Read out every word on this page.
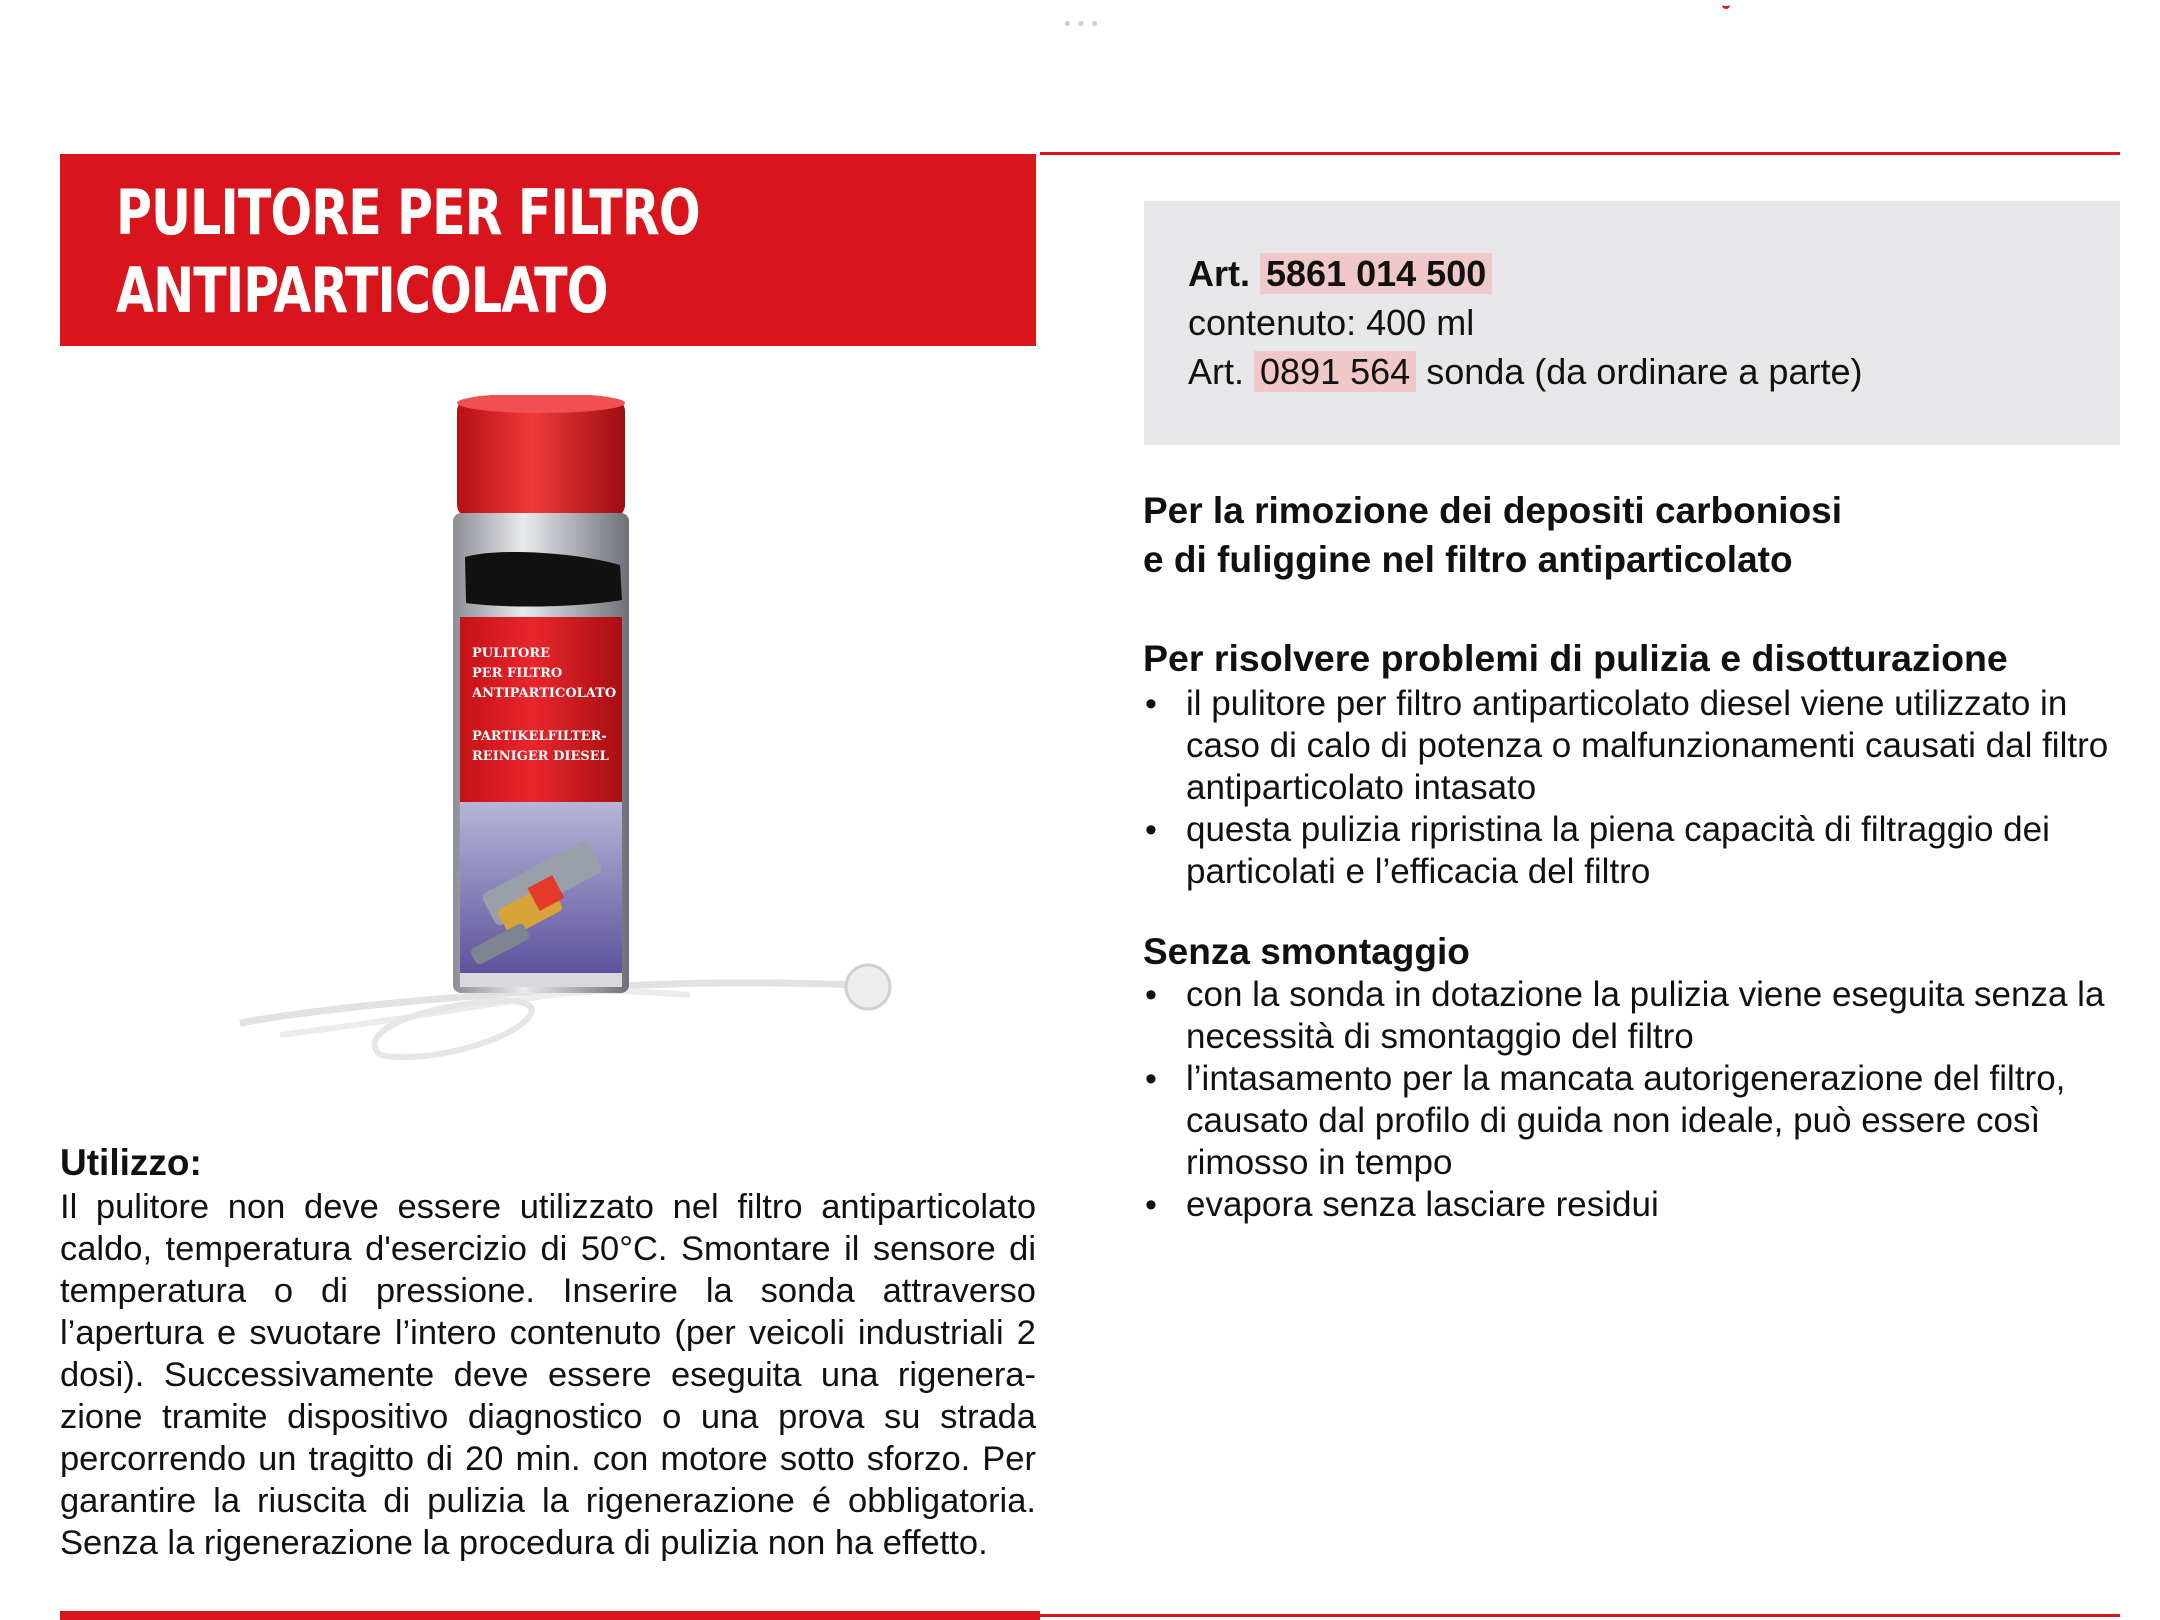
•••
PULITORE PER FILTRO
ANTIPARTICOLATO	Art. 5861 014 500
contenuto: 400 ml
Art. 0891 564 sonda (da ordinare a parte)

Per la rimozione dei depositi carboniosi

e di fuliggine nel filtro antiparticolato

Per risolvere problemi di pulizia e disotturazione

• il pulitore per filtro antiparticolato diesel viene utilizzato in caso di calo di potenza o malfunzionamenti causati dal filtro antiparticolato intasato
• questa pulizia ripristina la piena capacità di filtraggio dei particolati e l’efficacia del filtro

Senza smontaggio

• con la sonda in dotazione la pulizia viene eseguita senza la necessità di smontaggio del filtro
• l’intasamento per la mancata autorigenerazione del filtro, causato dal profilo di guida non ideale, può essere così rimosso in tempo
• evapora senza lasciare residui
PULITORE
PER FILTRO
ANTIPARTICOLATO
PARTIKELFILTER-
REINIGER DIESEL
Utilizzo:

Il pulitore non deve essere utilizzato nel filtro antiparticolato caldo, temperatura d'esercizio di 50°C. Smontare il sensore di temperatura o di pressione. Inserire la sonda attraverso l’apertura e svuotare l’intero contenuto (per veicoli industriali 2 dosi). Successivamente deve essere eseguita una rigenera-zione tramite dispositivo diagnostico o una prova su strada percorrendo un tragitto di 20 min. con motore sotto sforzo. Per garantire la riuscita di pulizia la rigenerazione é obbligatoria. Senza la rigenerazione la procedura di pulizia non ha effetto.
